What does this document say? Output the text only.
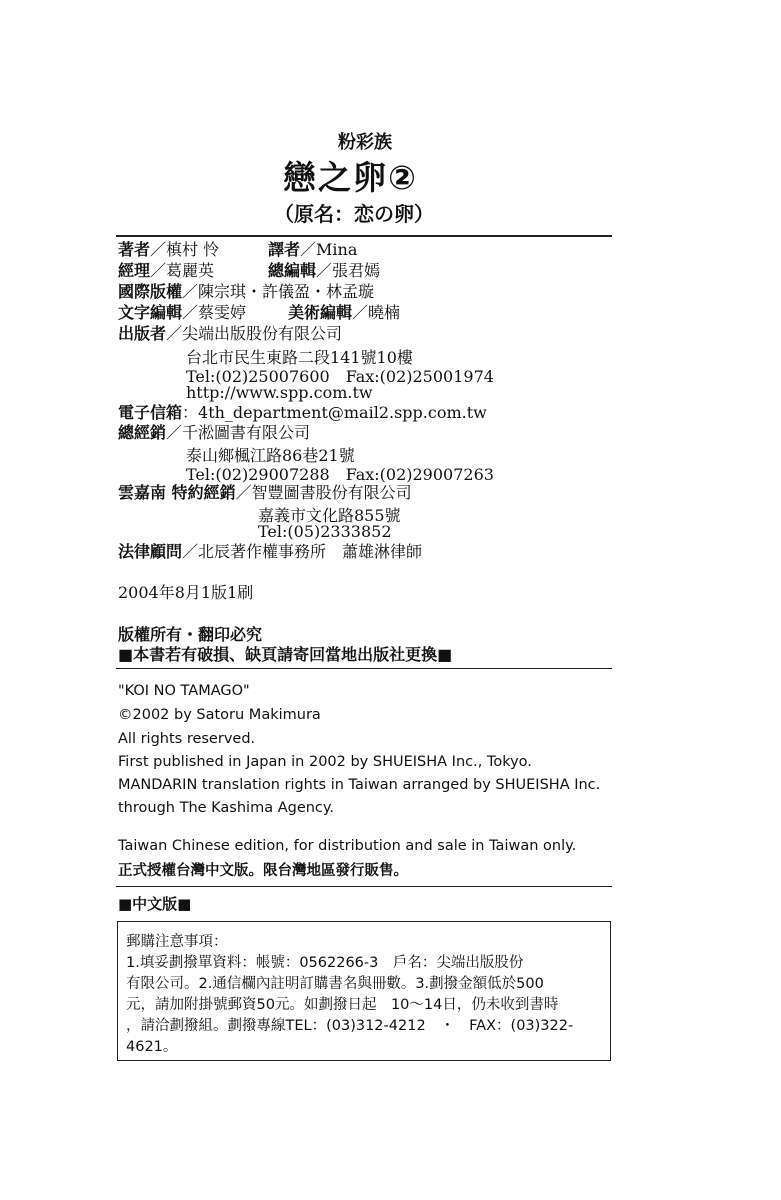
粉彩族
戀之卵②
（原名：恋の卵）
著者／槙村 怜	譯者／Mina
經理／葛麗英	總編輯／張君嫣
國際版權／陳宗琪・許儀盈・林孟璇
文字編輯／蔡雯婷	美術編輯／曉楠
出版者／尖端出版股份有限公司
台北市民生東路二段141號10樓
Tel:(02)25007600　Fax:(02)25001974
http://www.spp.com.tw
電子信箱：4th_department@mail2.spp.com.tw
總經銷／千淞圖書有限公司
泰山鄉楓江路86巷21號
Tel:(02)29007288　Fax:(02)29007263
雲嘉南 特約經銷／智豐圖書股份有限公司
嘉義市文化路855號
Tel:(05)2333852
法律顧問／北辰著作權事務所　蕭雄淋律師
2004年8月1版1刷
版權所有・翻印必究
■本書若有破損、缺頁請寄回當地出版社更換■
"KOI NO TAMAGO"
©2002 by Satoru Makimura
All rights reserved.
First published in Japan in 2002 by SHUEISHA Inc., Tokyo.
MANDARIN translation rights in Taiwan arranged by SHUEISHA Inc.
through The Kashima Agency.
Taiwan Chinese edition, for distribution and sale in Taiwan only.
正式授權台灣中文版。限台灣地區發行販售。
■中文版■
郵購注意事項：
1.填妥劃撥單資料：帳號：0562266-3　戶名：尖端出版股份
有限公司。2.通信欄內註明訂購書名與冊數。3.劃撥金額低於500
元，請加附掛號郵資50元。如劃撥日起　10～14日，仍未收到書時
，請洽劃撥組。劃撥專線TEL：(03)312-4212　・　FAX：(03)322-
4621。
